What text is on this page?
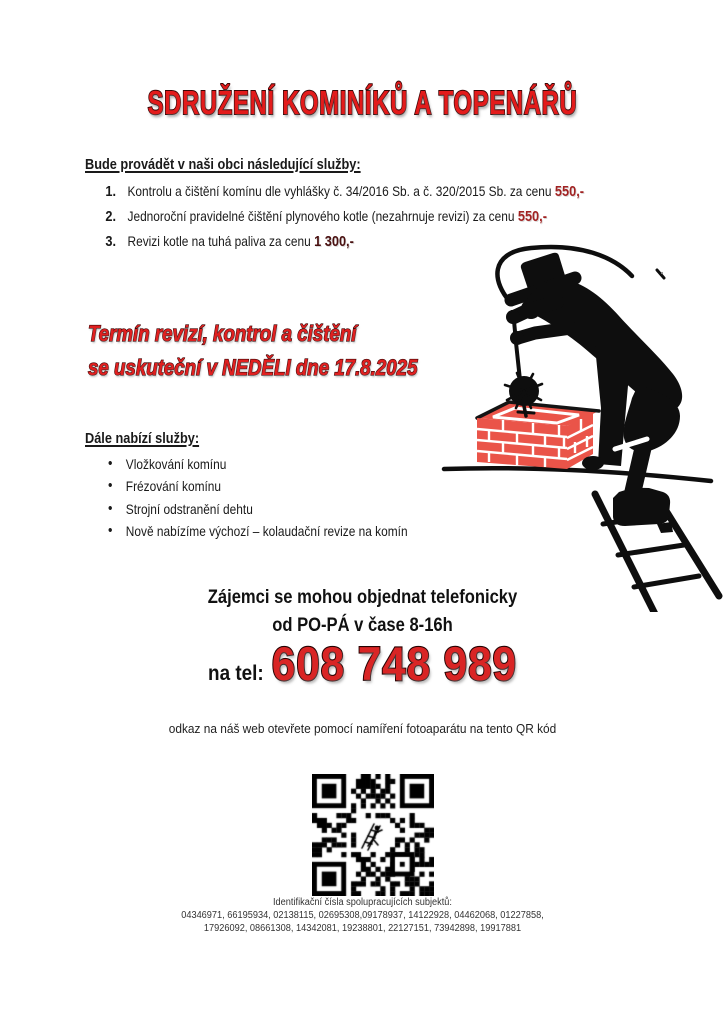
SDRUŽENÍ KOMINÍKŮ A TOPENÁŘŮ
Bude provádět v naši obci následující služby:
1. Kontrolu a čištění komínu dle vyhlášky č. 34/2016 Sb. a č. 320/2015 Sb. za cenu 550,-
2. Jednoroční pravidelné čištění plynového kotle (nezahrnuje revizi) za cenu 550,-
3. Revizi kotle na tuhá paliva za cenu 1 300,-
Termín revizí, kontrol a čištění
se uskuteční v NEDĚLI dne 17.8.2025
Dále nabízí služby:
• Vložkování komínu
• Frézování komínu
• Strojní odstranění dehtu
• Nově nabízíme výchozí – kolaudační revize na komín
Zájemci se mohou objednat telefonicky
od PO-PÁ v čase 8-16h
na tel: 608 748 989
odkaz na náš web otevřete pomocí namíření fotoaparátu na tento QR kód
Identifikační čísla spolupracujících subjektů:
04346971, 66195934, 02138115, 02695308,09178937, 14122928, 04462068, 01227858,
17926092, 08661308, 14342081, 19238801, 22127151, 73942898, 19917881
